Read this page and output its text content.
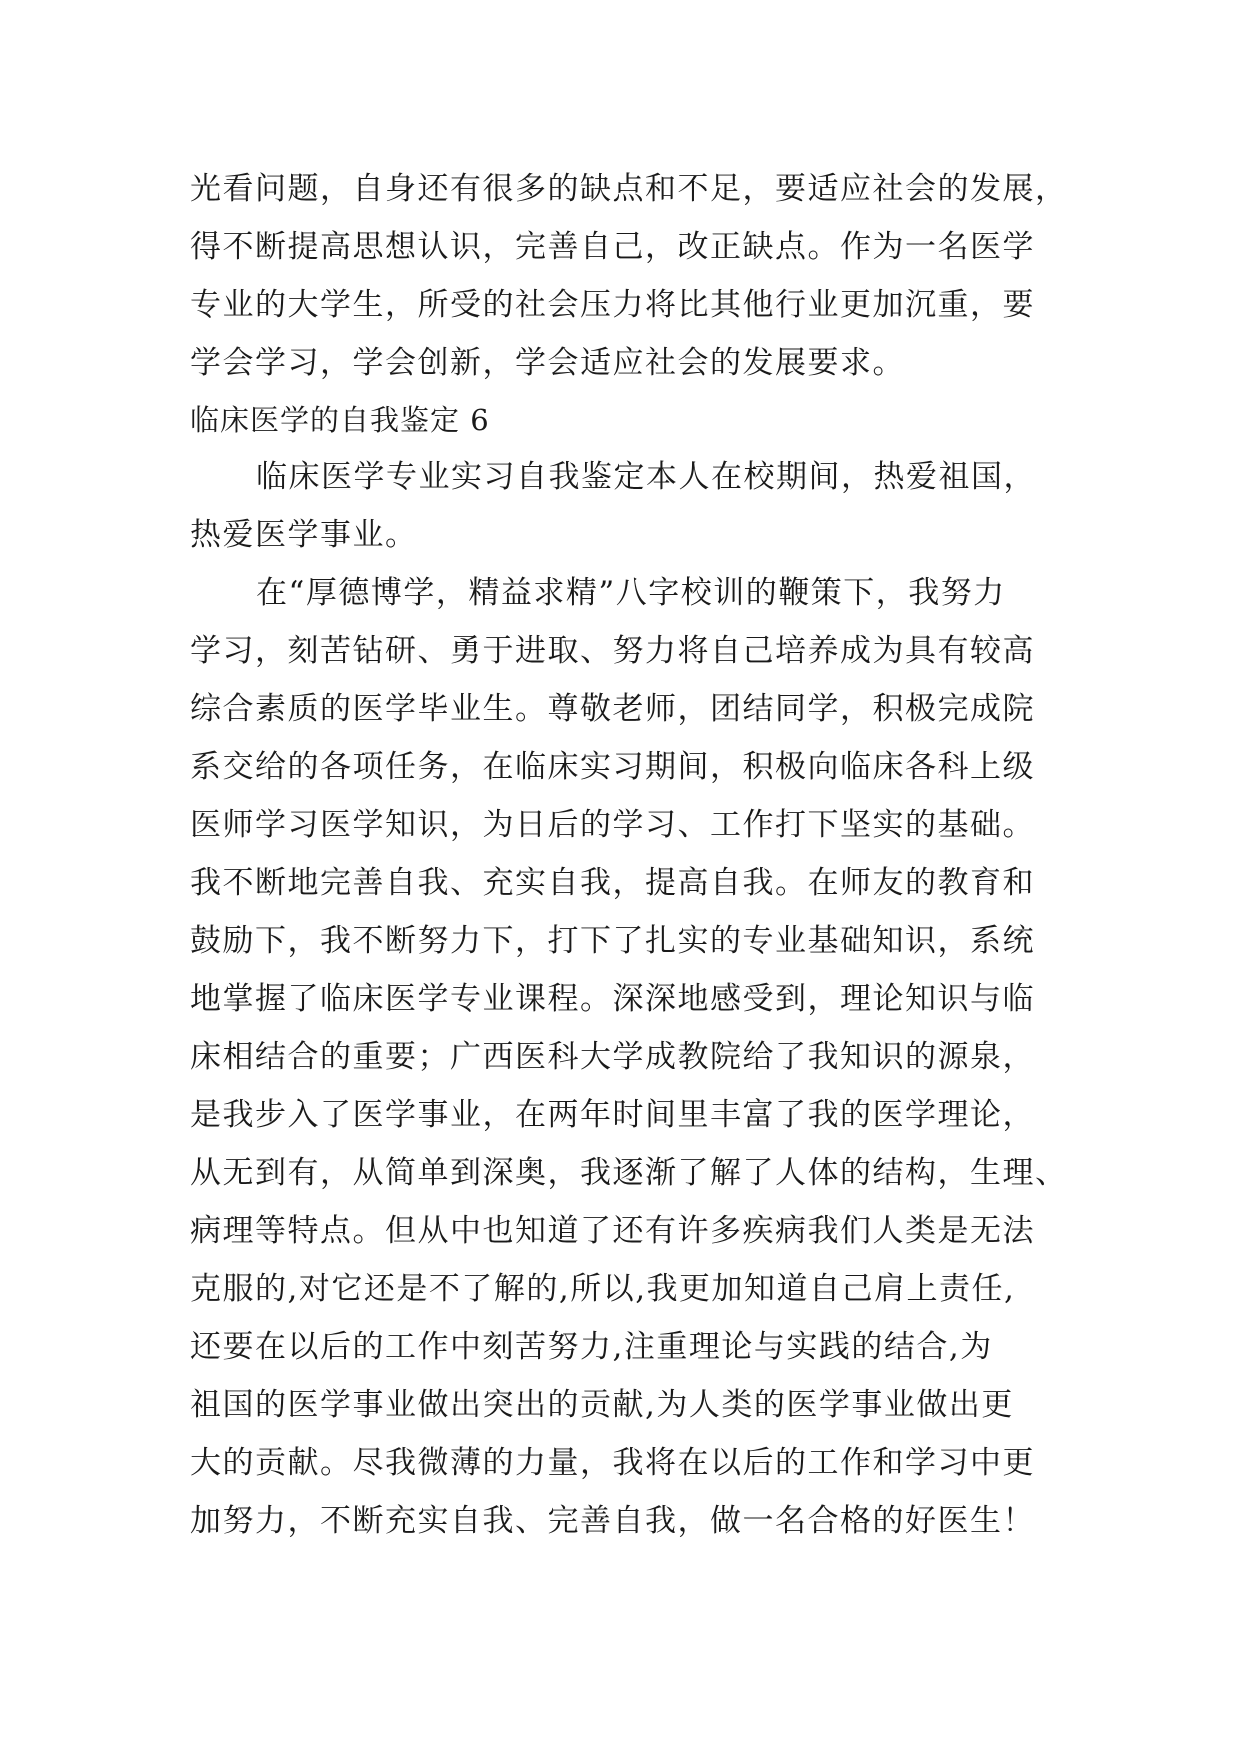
光看问题，自身还有很多的缺点和不足，要适应社会的发展，
得不断提高思想认识，完善自己，改正缺点。作为一名医学
专业的大学生，所受的社会压力将比其他行业更加沉重，要
学会学习，学会创新，学会适应社会的发展要求。
临床医学的自我鉴定 6
临床医学专业实习自我鉴定本人在校期间，热爱祖国，
热爱医学事业。
在“厚德博学，精益求精”八字校训的鞭策下，我努力
学习，刻苦钻研、勇于进取、努力将自己培养成为具有较高
综合素质的医学毕业生。尊敬老师，团结同学，积极完成院
系交给的各项任务，在临床实习期间，积极向临床各科上级
医师学习医学知识，为日后的学习、工作打下坚实的基础。
我不断地完善自我、充实自我，提高自我。在师友的教育和
鼓励下，我不断努力下，打下了扎实的专业基础知识，系统
地掌握了临床医学专业课程。深深地感受到，理论知识与临
床相结合的重要；广西医科大学成教院给了我知识的源泉，
是我步入了医学事业，在两年时间里丰富了我的医学理论，
从无到有，从简单到深奥，我逐渐了解了人体的结构，生理、
病理等特点。但从中也知道了还有许多疾病我们人类是无法
克服的,对它还是不了解的,所以,我更加知道自己肩上责任,
还要在以后的工作中刻苦努力,注重理论与实践的结合,为
祖国的医学事业做出突出的贡献,为人类的医学事业做出更
大的贡献。尽我微薄的力量，我将在以后的工作和学习中更
加努力，不断充实自我、完善自我，做一名合格的好医生！
